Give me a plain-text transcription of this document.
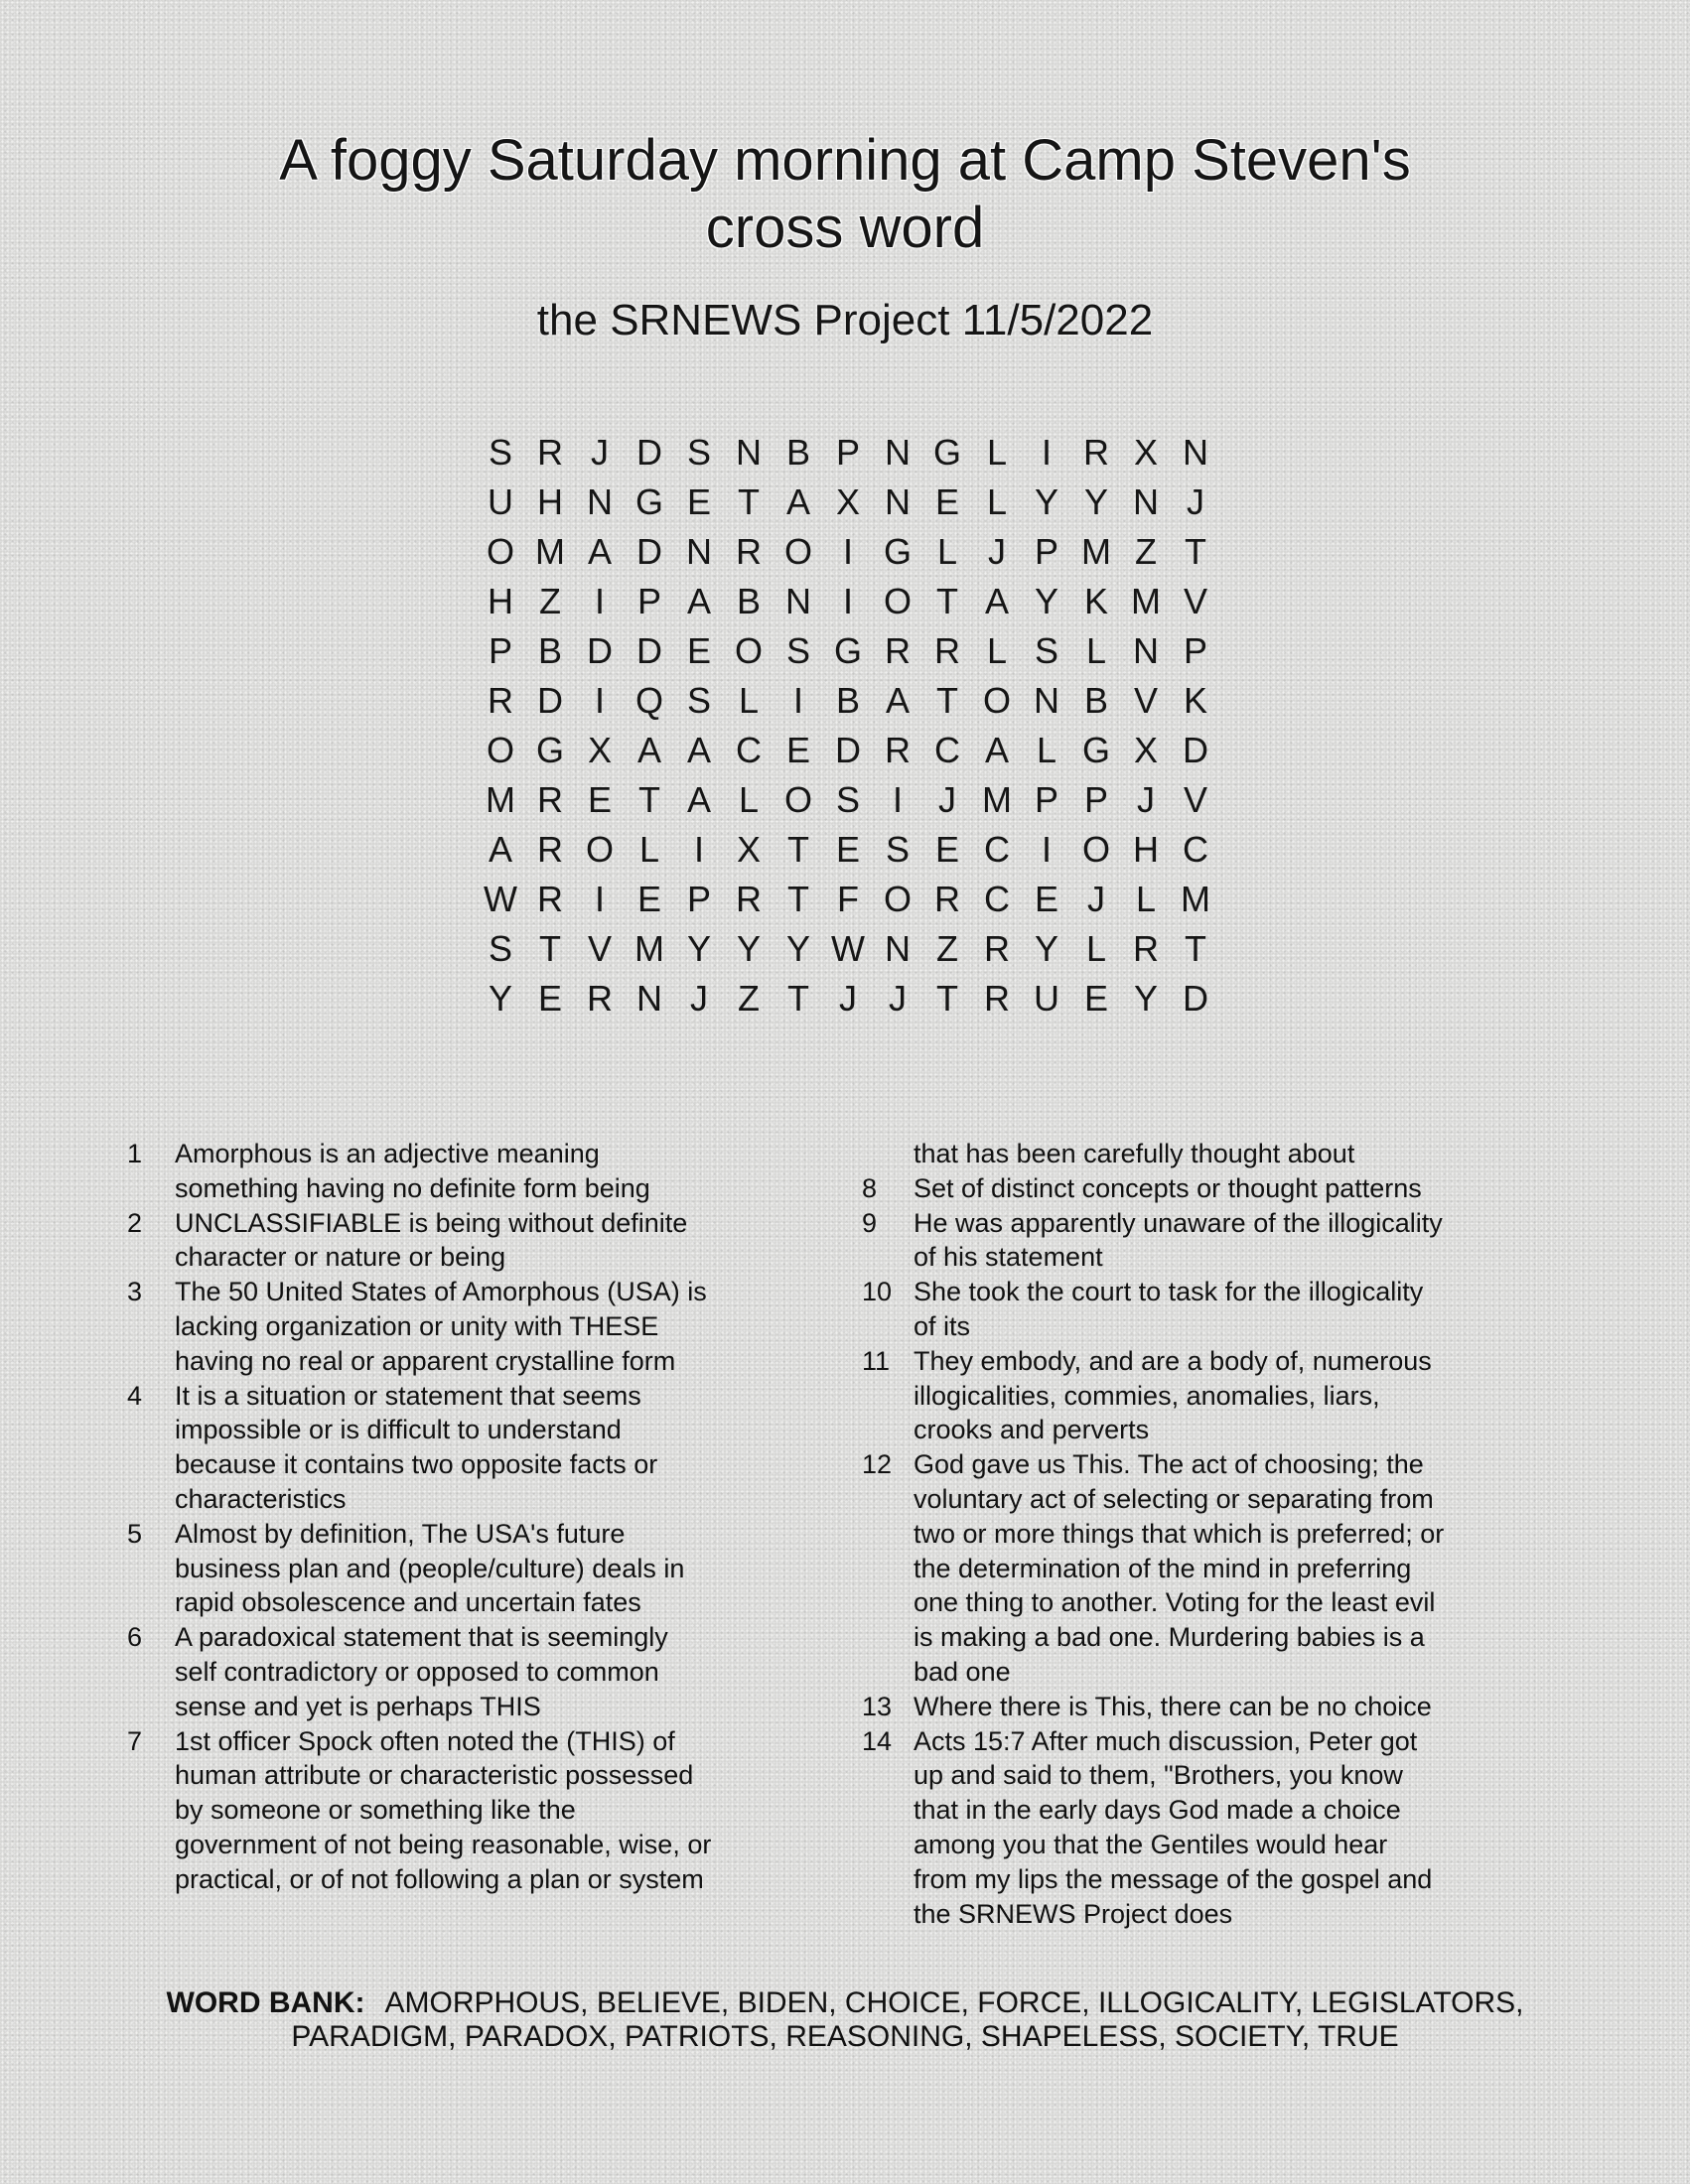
A foggy Saturday morning at Camp Steven's
cross word
the SRNEWS Project 11/5/2022
S R J D S N B P N G L I R X N
U H N G E T A X N E L Y Y N J
O M A D N R O I G L J P M Z T
H Z I P A B N I O T A Y K M V
P B D D E O S G R R L S L N P
R D I Q S L I B A T O N B V K
O G X A A C E D R C A L G X D
M R E T A L O S I	J M P P J V
A R O L I X T E S E C I O H C
W R I E P R T F O R C E J L M
S T V M Y Y Y W N Z R Y L R T
Y E R N J Z T J J T R U E Y D
1 Amorphous is an adjective meaning
something having no definite form being
2 UNCLASSIFIABLE is being without definite
character or nature or being
3 The 50 United States of Amorphous (USA) is
lacking organization or unity with THESE
having no real or apparent crystalline form
4 It is a situation or statement that seems
impossible or is difficult to understand
because it contains two opposite facts or
characteristics
5 Almost by definition, The USA's future
business plan and (people/culture) deals in
rapid obsolescence and uncertain fates
6 A paradoxical statement that is seemingly
self contradictory or opposed to common
sense and yet is perhaps THIS
7 1st officer Spock often noted the (THIS) of
human attribute or characteristic possessed
by someone or something like the
government of not being reasonable, wise, or
practical, or of not following a plan or system
that has been carefully thought about
8 Set of distinct concepts or thought patterns
9 He was apparently unaware of the illogicality
of his statement
10 She took the court to task for the illogicality
of its
11 They embody, and are a body of, numerous
illogicalities, commies, anomalies, liars,
crooks and perverts
12 God gave us This. The act of choosing; the
voluntary act of selecting or separating from
two or more things that which is preferred; or
the determination of the mind in preferring
one thing to another. Voting for the least evil
is making a bad one. Murdering babies is a
bad one
13 Where there is This, there can be no choice
14 Acts 15:7 After much discussion, Peter got
up and said to them, "Brothers, you know
that in the early days God made a choice
among you that the Gentiles would hear
from my lips the message of the gospel and
the SRNEWS Project does
WORD BANK: AMORPHOUS, BELIEVE, BIDEN, CHOICE, FORCE, ILLOGICALITY, LEGISLATORS,
PARADIGM, PARADOX, PATRIOTS, REASONING, SHAPELESS, SOCIETY, TRUE
